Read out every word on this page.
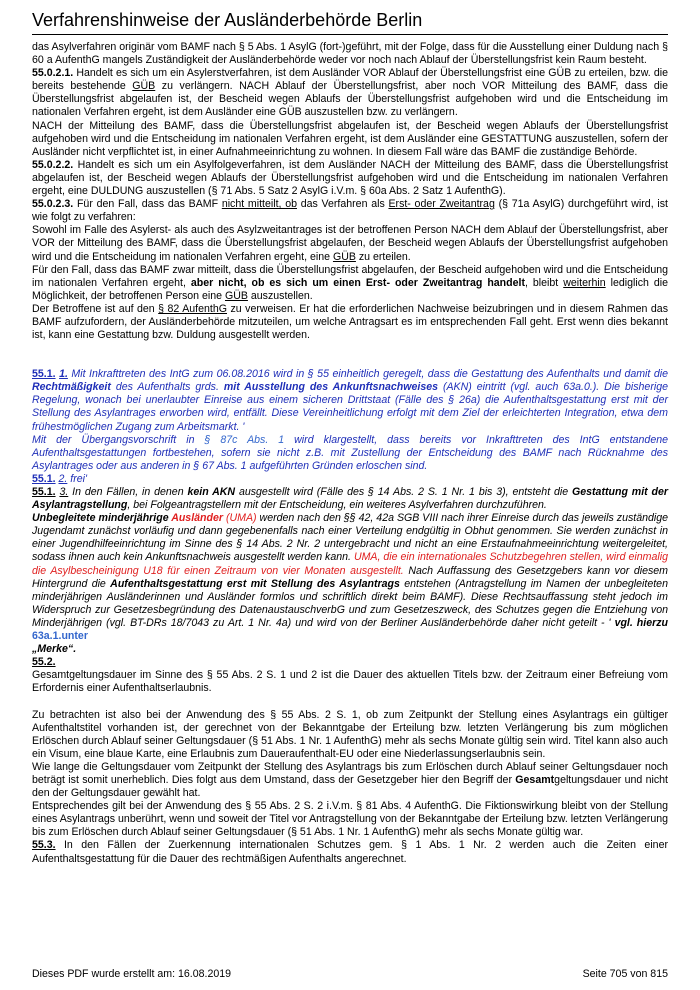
Verfahrenshinweise der Ausländerbehörde Berlin

das Asylverfahren originär vom BAMF nach § 5 Abs. 1 AsylG (fort-)geführt, mit der Folge, dass für die Ausstellung einer Duldung nach § 60 a AufenthG mangels Zuständigkeit der Ausländerbehörde weder vor noch nach Ablauf der Überstellungsfrist kein Raum besteht.

55.0.2.1. Handelt es sich um ein Asylerstverfahren, ist dem Ausländer VOR Ablauf der Überstellungsfrist eine GÜB zu erteilen, bzw. die bereits bestehende GÜB zu verlängern. NACH Ablauf der Überstellungsfrist, aber noch VOR Mitteilung des BAMF, dass die Überstellungsfrist abgelaufen ist, der Bescheid wegen Ablaufs der Überstellungsfrist aufgehoben wird und die Entscheidung im nationalen Verfahren ergeht, ist dem Ausländer eine GÜB auszustellen bzw. zu verlängern.

NACH der Mitteilung des BAMF, dass die Überstellungsfrist abgelaufen ist, der Bescheid wegen Ablaufs der Überstellungsfrist aufgehoben wird und die Entscheidung im nationalen Verfahren ergeht, ist dem Ausländer eine GESTATTUNG auszustellen, sofern der Ausländer nicht verpflichtet ist, in einer Aufnahmeeinrichtung zu wohnen. In diesem Fall wäre das BAMF die zuständige Behörde.

55.0.2.2. Handelt es sich um ein Asylfolgeverfahren, ist dem Ausländer NACH der Mitteilung des BAMF, dass die Überstellungsfrist abgelaufen ist, der Bescheid wegen Ablaufs der Überstellungsfrist aufgehoben wird und die Entscheidung im nationalen Verfahren ergeht, eine DULDUNG auszustellen (§ 71 Abs. 5 Satz 2 AsylG i.V.m. § 60a Abs. 2 Satz 1 AufenthG).

55.0.2.3. Für den Fall, dass das BAMF nicht mitteilt, ob das Verfahren als Erst- oder Zweitantrag (§ 71a AsylG) durchgeführt wird, ist wie folgt zu verfahren:

Sowohl im Falle des Asylerst- als auch des Asylzweitantrages ist der betroffenen Person NACH dem Ablauf der Überstellungsfrist, aber VOR der Mitteilung des BAMF, dass die Überstellungsfrist abgelaufen, der Bescheid wegen Ablaufs der Überstellungsfrist aufgehoben wird und die Entscheidung im nationalen Verfahren ergeht, eine GÜB zu erteilen.

Für den Fall, dass das BAMF zwar mitteilt, dass die Überstellungsfrist abgelaufen, der Bescheid aufgehoben wird und die Entscheidung im nationalen Verfahren ergeht, aber nicht, ob es sich um einen Erst- oder Zweitantrag handelt, bleibt weiterhin lediglich die Möglichkeit, der betroffenen Person eine GÜB auszustellen.

Der Betroffene ist auf den § 82 AufenthG zu verweisen. Er hat die erforderlichen Nachweise beizubringen und in diesem Rahmen das BAMF aufzufordern, der Ausländerbehörde mitzuteilen, um welche Antragsart es im entsprechenden Fall geht. Erst wenn dies bekannt ist, kann eine Gestattung bzw. Duldung ausgestellt werden.

55.1. 1. Mit Inkrafttreten des IntG zum 06.08.2016 wird in § 55 einheitlich geregelt, dass die Gestattung des Aufenthalts und damit die Rechtmäßigkeit des Aufenthalts grds. mit Ausstellung des Ankunftsnachweises (AKN) eintritt (vgl. auch 63a.0.). Die bisherige Regelung, wonach bei unerlaubter Einreise aus einem sicheren Drittstaat (Fälle des § 26a) die Aufenthaltsgestattung erst mit der Stellung des Asylantrages erworben wird, entfällt. Diese Vereinheitlichung erfolgt mit dem Ziel der erleichterten Integration, etwa dem frühestmöglichen Zugang zum Arbeitsmarkt. '

Mit der Übergangsvorschrift in § 87c Abs. 1 wird klargestellt, dass bereits vor Inkrafttreten des IntG entstandene Aufenthaltsgestattungen fortbestehen, sofern sie nicht z.B. mit Zustellung der Entscheidung des BAMF nach Rücknahme des Asylantrages oder aus anderen in § 67 Abs. 1 aufgeführten Gründen erloschen sind.

55.1. 2. frei'

55.1. 3. In den Fällen, in denen kein AKN ausgestellt wird (Fälle des § 14 Abs. 2 S. 1 Nr. 1 bis 3), entsteht die Gestattung mit der Asylantragstellung, bei Folgeantragstellern mit der Entscheidung, ein weiteres Asylverfahren durchzuführen.

Unbegleitete minderjährige Ausländer (UMA) werden nach den §§ 42, 42a SGB VIII nach ihrer Einreise durch das jeweils zuständige Jugendamt zunächst vorläufig und dann gegebenenfalls nach einer Verteilung endgültig in Obhut genommen. Sie werden zunächst in einer Jugendhilfeeinrichtung im Sinne des § 14 Abs. 2 Nr. 2 untergebracht und nicht an eine Erstaufnahmeeinrichtung weitergeleitet, sodass ihnen auch kein Ankunftsnachweis ausgestellt werden kann. UMA, die ein internationales Schutzbegehren stellen, wird einmalig die Asylbescheinigung U18 für einen Zeitraum von vier Monaten ausgestellt. Nach Auffassung des Gesetzgebers kann vor diesem Hintergrund die Aufenthaltsgestattung erst mit Stellung des Asylantrags entstehen (Antragstellung im Namen der unbegleiteten minderjährigen Ausländerinnen und Ausländer formlos und schriftlich direkt beim BAMF). Diese Rechtsauffassung steht jedoch im Widerspruch zur Gesetzesbegründung des DatenaustauschverbG und zum Gesetzeszweck, des Schutzes gegen die Entziehung von Minderjährigen (vgl. BT-DRs 18/7043 zu Art. 1 Nr. 4a) und wird von der Berliner Ausländerbehörde daher nicht geteilt - ' vgl. hierzu 63a.1.unter
„Merke“.

55.2.

Gesamtgeltungsdauer im Sinne des § 55 Abs. 2 S. 1 und 2 ist die Dauer des aktuellen Titels bzw. der Zeitraum einer Befreiung vom Erfordernis einer Aufenthaltserlaubnis.

Zu betrachten ist also bei der Anwendung des § 55 Abs. 2 S. 1, ob zum Zeitpunkt der Stellung eines Asylantrags ein gültiger Aufenthaltstitel vorhanden ist, der gerechnet von der Bekanntgabe der Erteilung bzw. letzten Verlängerung bis zum möglichen Erlöschen durch Ablauf seiner Geltungsdauer (§ 51 Abs. 1 Nr. 1 AufenthG) mehr als sechs Monate gültig sein wird. Titel kann also auch ein Visum, eine blaue Karte, eine Erlaubnis zum Daueraufenthalt-EU oder eine Niederlassungserlaubnis sein.

Wie lange die Geltungsdauer vom Zeitpunkt der Stellung des Asylantrags bis zum Erlöschen durch Ablauf seiner Geltungsdauer noch beträgt ist somit unerheblich. Dies folgt aus dem Umstand, dass der Gesetzgeber hier den Begriff der Gesamtgeltungsdauer und nicht den der Geltungsdauer gewählt hat.

Entsprechendes gilt bei der Anwendung des § 55 Abs. 2 S. 2 i.V.m. § 81 Abs. 4 AufenthG. Die Fiktionswirkung bleibt von der Stellung eines Asylantrags unberührt, wenn und soweit der Titel vor Antragstellung von der Bekanntgabe der Erteilung bzw. letzten Verlängerung bis zum Erlöschen durch Ablauf seiner Geltungsdauer (§ 51 Abs. 1 Nr. 1 AufenthG) mehr als sechs Monate gültig war.

55.3. In den Fällen der Zuerkennung internationalen Schutzes gem. § 1 Abs. 1 Nr. 2 werden auch die Zeiten einer Aufenthaltsgestattung für die Dauer des rechtmäßigen Aufenthalts angerechnet.

Dieses PDF wurde erstellt am: 16.08.2019	Seite 705 von 815
